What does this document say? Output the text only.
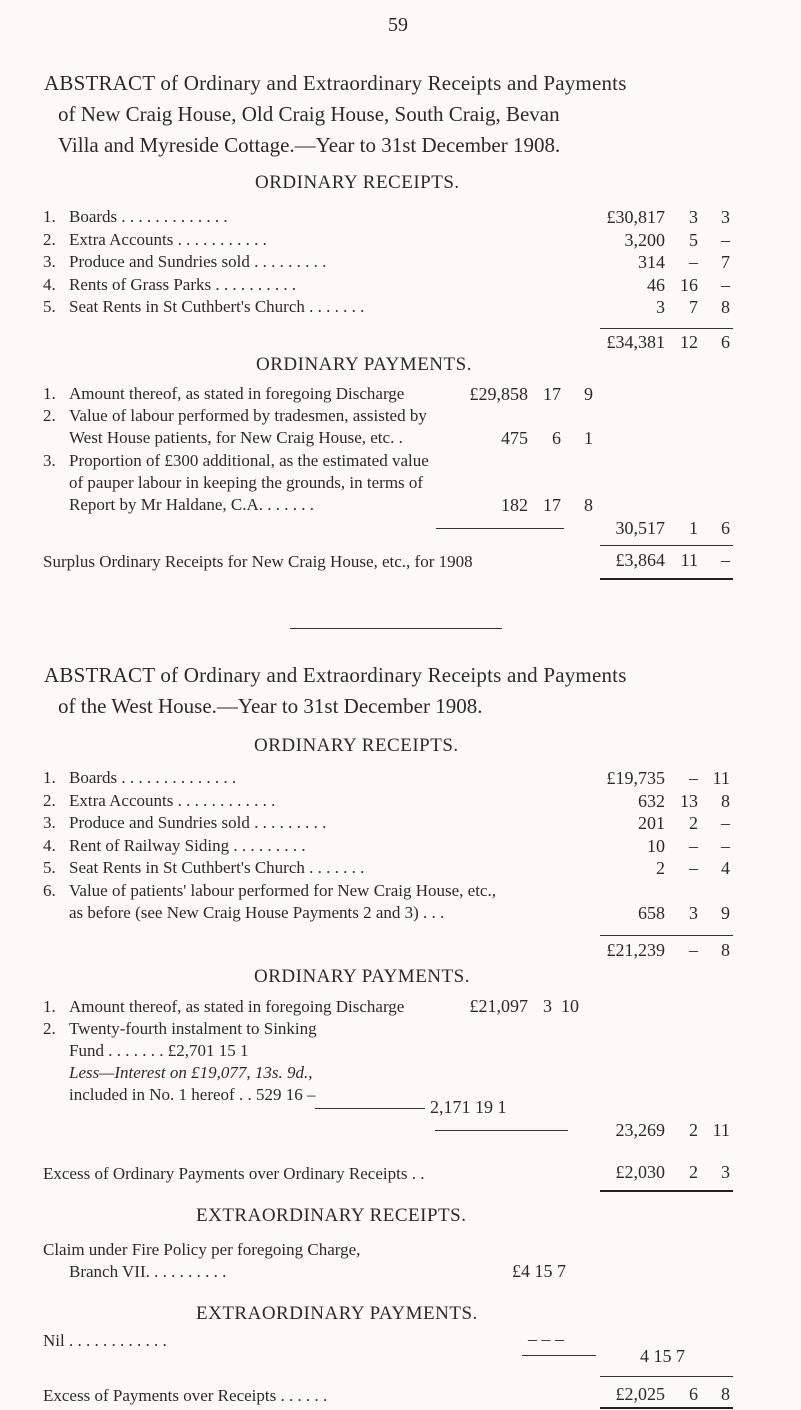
59
ABSTRACT of Ordinary and Extraordinary Receipts and Payments
of New Craig House, Old Craig House, South Craig, Bevan
Villa and Myreside Cottage.—Year to 31st December 1908.
ORDINARY RECEIPTS.
1. Boards . . . . . . . . . . . . .	£30,817	3	3
2. Extra Accounts . . . . . . . . . . .	3,200	5	–
3. Produce and Sundries sold . . . . . . . . .	314	–	7
4. Rents of Grass Parks . . . . . . . . . .	46 16	–
5. Seat Rents in St Cuthbert's Church . . . . . . .	3	7	8
£34,381 12	6
ORDINARY PAYMENTS.
1. Amount thereof, as stated in foregoing Discharge	£29,858 17	9
2. Value of labour performed by tradesmen, assisted by
West House patients, for New Craig House, etc. .	475	6	1
3. Proportion of £300 additional, as the estimated value
of pauper labour in keeping the grounds, in terms of
Report by Mr Haldane, C.A. . . . . . .	182 17	8
30,517	1	6
Surplus Ordinary Receipts for New Craig House, etc., for 1908	£3,864 11	–
ABSTRACT of Ordinary and Extraordinary Receipts and Payments
of the West House.—Year to 31st December 1908.
ORDINARY RECEIPTS.
1. Boards . . . . . . . . . . . . . .	£19,735	– 11
2. Extra Accounts . . . . . . . . . . . .	632 13	8
3. Produce and Sundries sold . . . . . . . . .	201	2	–
4. Rent of Railway Siding . . . . . . . . .	10	–	–
5. Seat Rents in St Cuthbert's Church . . . . . . .	2	–	4
6. Value of patients' labour performed for New Craig House, etc.,
as before (see New Craig House Payments 2 and 3) . . .	658	3	9
£21,239	–	8
ORDINARY PAYMENTS.
1. Amount thereof, as stated in foregoing Discharge	£21,097 3 10
2. Twenty-fourth instalment to Sinking
Fund . . . . . . . £2,701 15 1
Less—Interest on £19,077, 13s. 9d.,
included in No. 1 hereof . . 529 16 –
2,171 19 1
23,269	2 11
Excess of Ordinary Payments over Ordinary Receipts . .	£2,030	2	3
EXTRAORDINARY RECEIPTS.
Claim under Fire Policy per foregoing Charge,
Branch VII. . . . . . . . . .	£4 15 7
EXTRAORDINARY PAYMENTS.
Nil . . . . . . . . . . . .	– – –
4 15 7
Excess of Payments over Receipts . . . . . .	£2,025	6	8
